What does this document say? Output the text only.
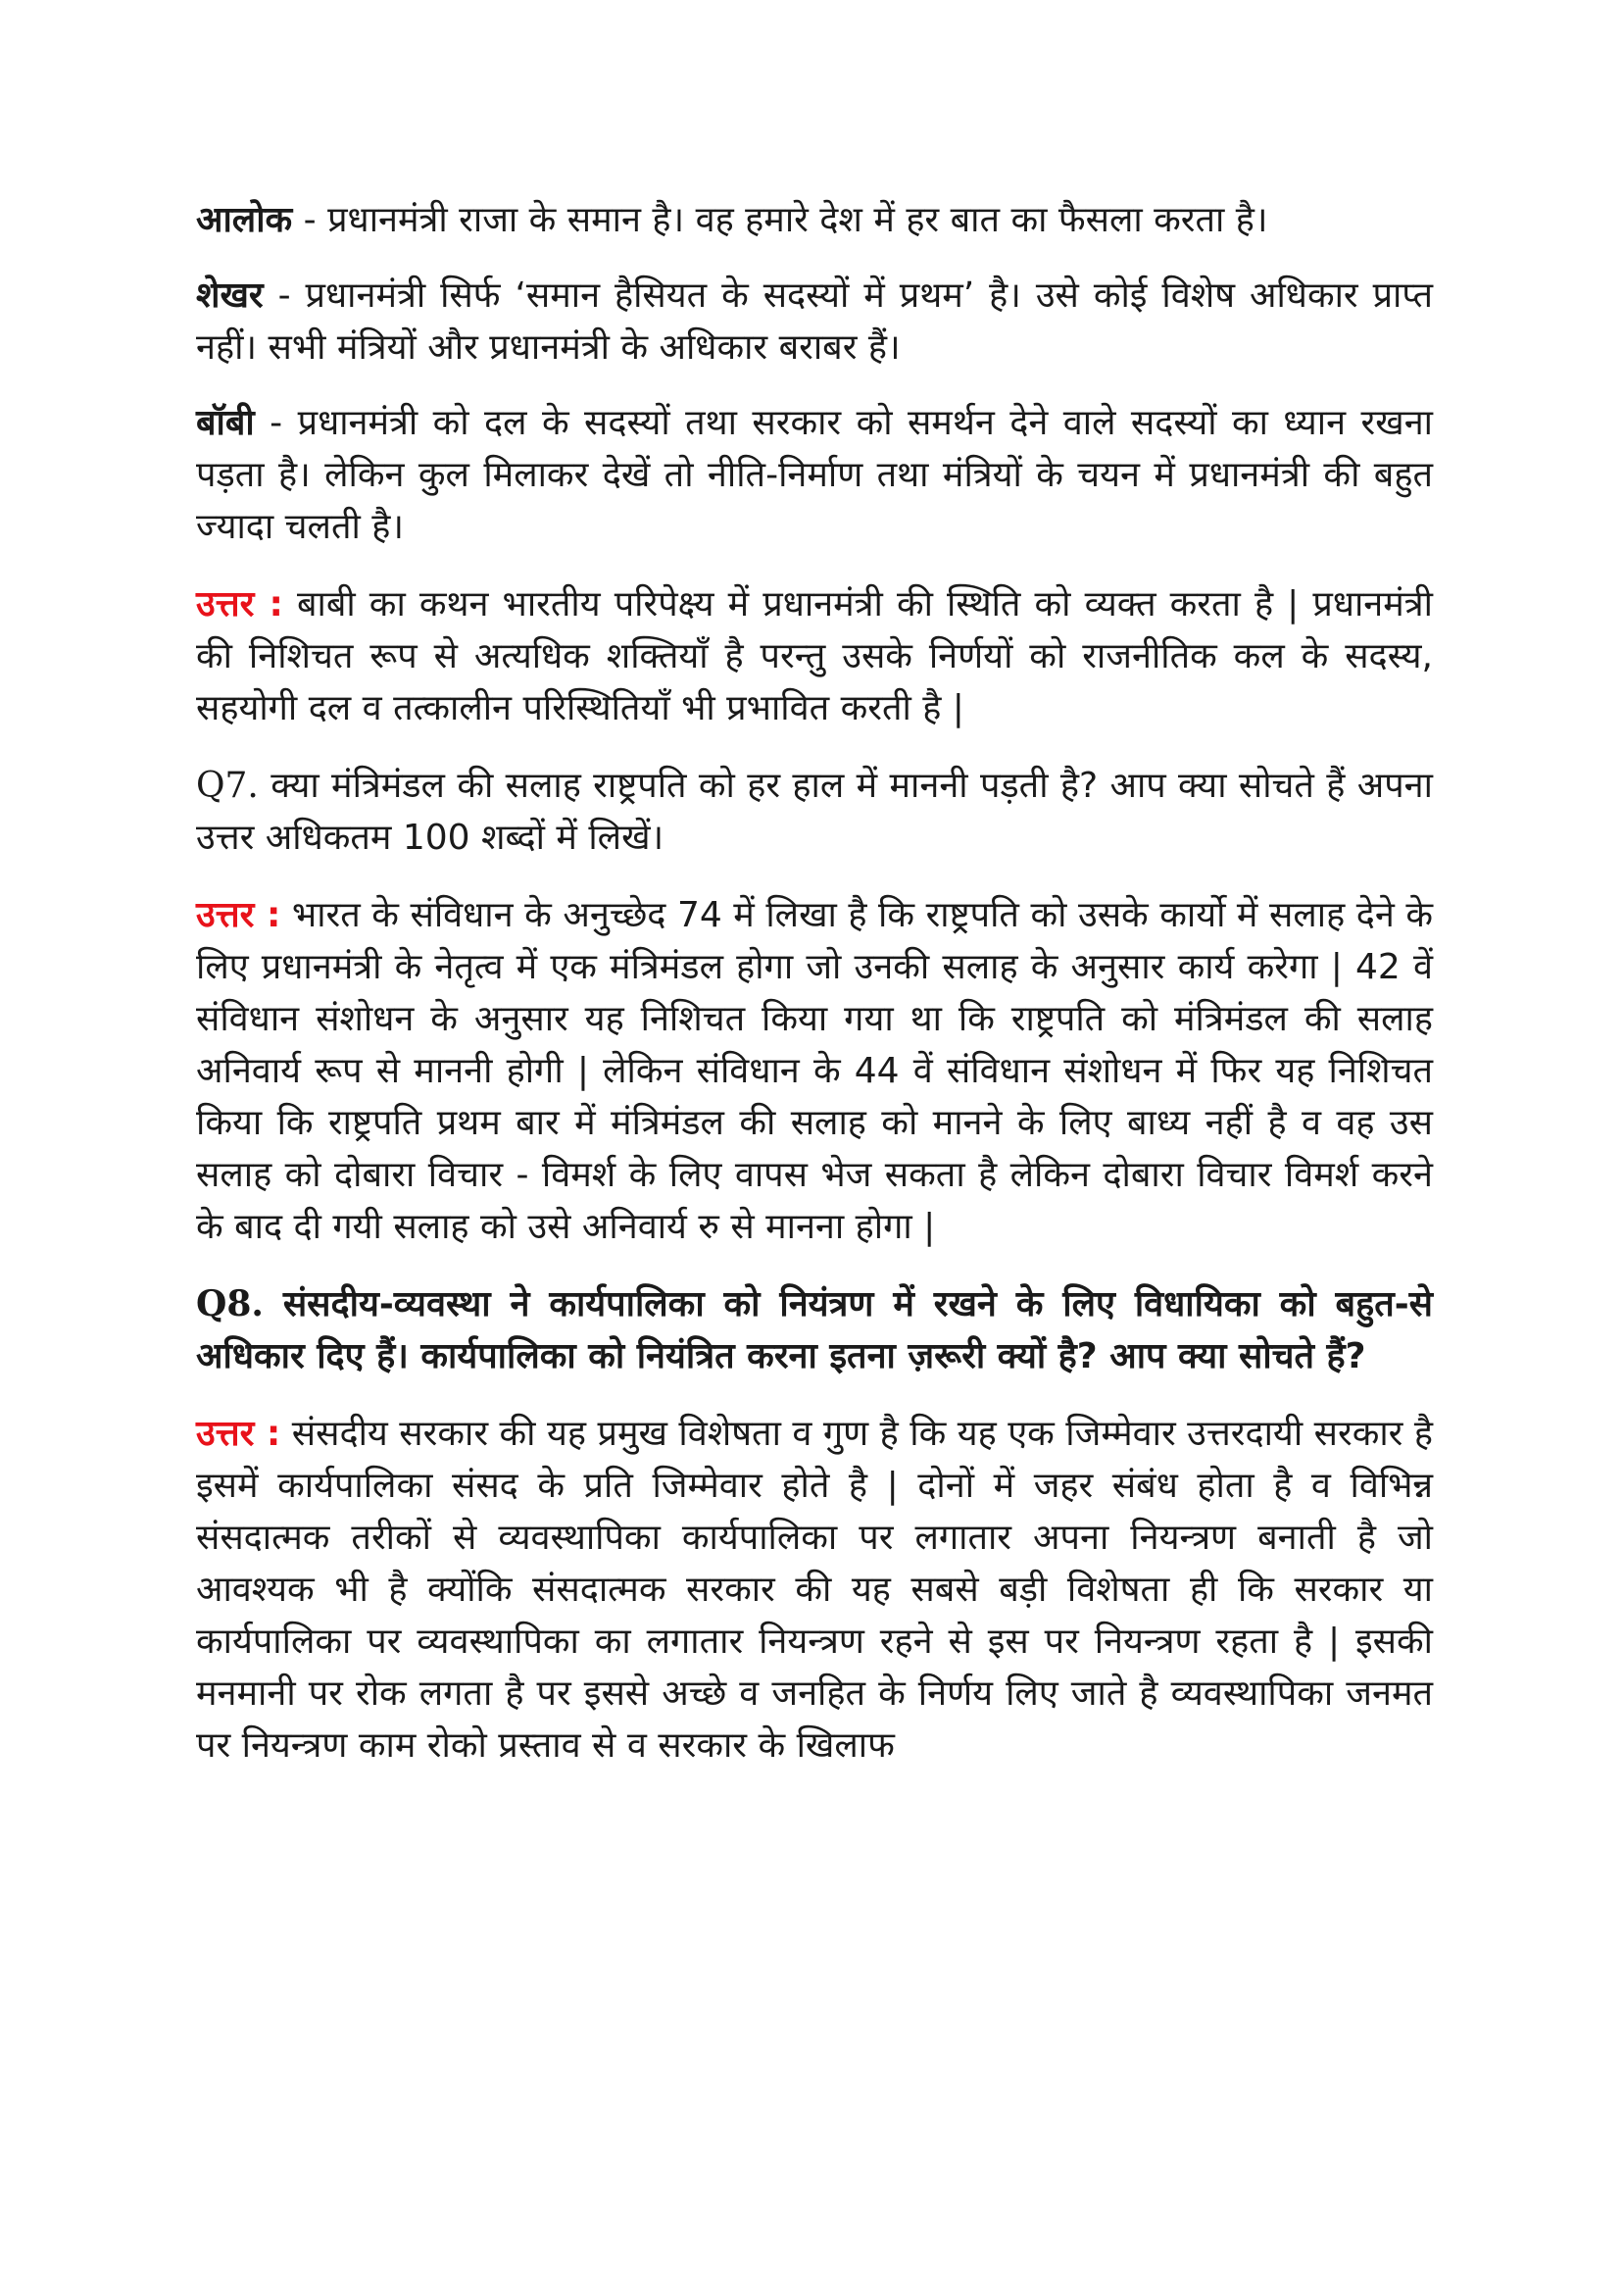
आलोक - प्रधानमंत्री राजा के समान है। वह हमारे देश में हर बात का फैसला करता है।

शेखर - प्रधानमंत्री सिर्फ ‘समान हैसियत के सदस्यों में प्रथम’ है। उसे कोई विशेष अधिकार प्राप्त नहीं। सभी मंत्रियों और प्रधानमंत्री के अधिकार बराबर हैं।

बॉबी - प्रधानमंत्री को दल के सदस्यों तथा सरकार को समर्थन देने वाले सदस्यों का ध्यान रखना पड़ता है। लेकिन कुल मिलाकर देखें तो नीति-निर्माण तथा मंत्रियों के चयन में प्रधानमंत्री की बहुत ज्यादा चलती है।

उत्तर : बाबी का कथन भारतीय परिपेक्ष्य में प्रधानमंत्री की स्थिति को व्यक्त करता है | प्रधानमंत्री की निशिचत रूप से अत्यधिक शक्तियाँ है परन्तु उसके निर्णयों को राजनीतिक कल के सदस्य, सहयोगी दल व तत्कालीन परिस्थितियाँ भी प्रभावित करती है |

Q7. क्या मंत्रिमंडल की सलाह राष्ट्रपति को हर हाल में माननी पड़ती है? आप क्या सोचते हैं अपना उत्तर अधिकतम 100 शब्दों में लिखें।

उत्तर : भारत के संविधान के अनुच्छेद 74 में लिखा है कि राष्ट्रपति को उसके कार्यो में सलाह देने के लिए प्रधानमंत्री के नेतृत्व में एक मंत्रिमंडल होगा जो उनकी सलाह के अनुसार कार्य करेगा | 42 वें संविधान संशोधन के अनुसार यह निशिचत किया गया था कि राष्ट्रपति को मंत्रिमंडल की सलाह अनिवार्य रूप से माननी होगी | लेकिन संविधान के 44 वें संविधान संशोधन में फिर यह निशिचत किया कि राष्ट्रपति प्रथम बार में मंत्रिमंडल की सलाह को मानने के लिए बाध्य नहीं है व वह उस सलाह को दोबारा विचार - विमर्श के लिए वापस भेज सकता है लेकिन दोबारा विचार विमर्श करने के बाद दी गयी सलाह को उसे अनिवार्य रु से मानना होगा |

Q8. संसदीय-व्यवस्था ने कार्यपालिका को नियंत्रण में रखने के लिए विधायिका को बहुत-से अधिकार दिए हैं। कार्यपालिका को नियंत्रित करना इतना ज़रूरी क्यों है? आप क्या सोचते हैं?

उत्तर : संसदीय सरकार की यह प्रमुख विशेषता व गुण है कि यह एक जिम्मेवार उत्तरदायी सरकार है इसमें कार्यपालिका संसद के प्रति जिम्मेवार होते है | दोनों में जहर संबंध होता है व विभिन्न संसदात्मक तरीकों से व्यवस्थापिका कार्यपालिका पर लगातार अपना नियन्त्रण बनाती है जो आवश्यक भी है क्योंकि संसदात्मक सरकार की यह सबसे बड़ी विशेषता ही कि सरकार या कार्यपालिका पर व्यवस्थापिका का लगातार नियन्त्रण रहने से इस पर नियन्त्रण रहता है | इसकी मनमानी पर रोक लगता है पर इससे अच्छे व जनहित के निर्णय लिए जाते है व्यवस्थापिका जनमत पर नियन्त्रण काम रोको प्रस्ताव से व सरकार के खिलाफ
